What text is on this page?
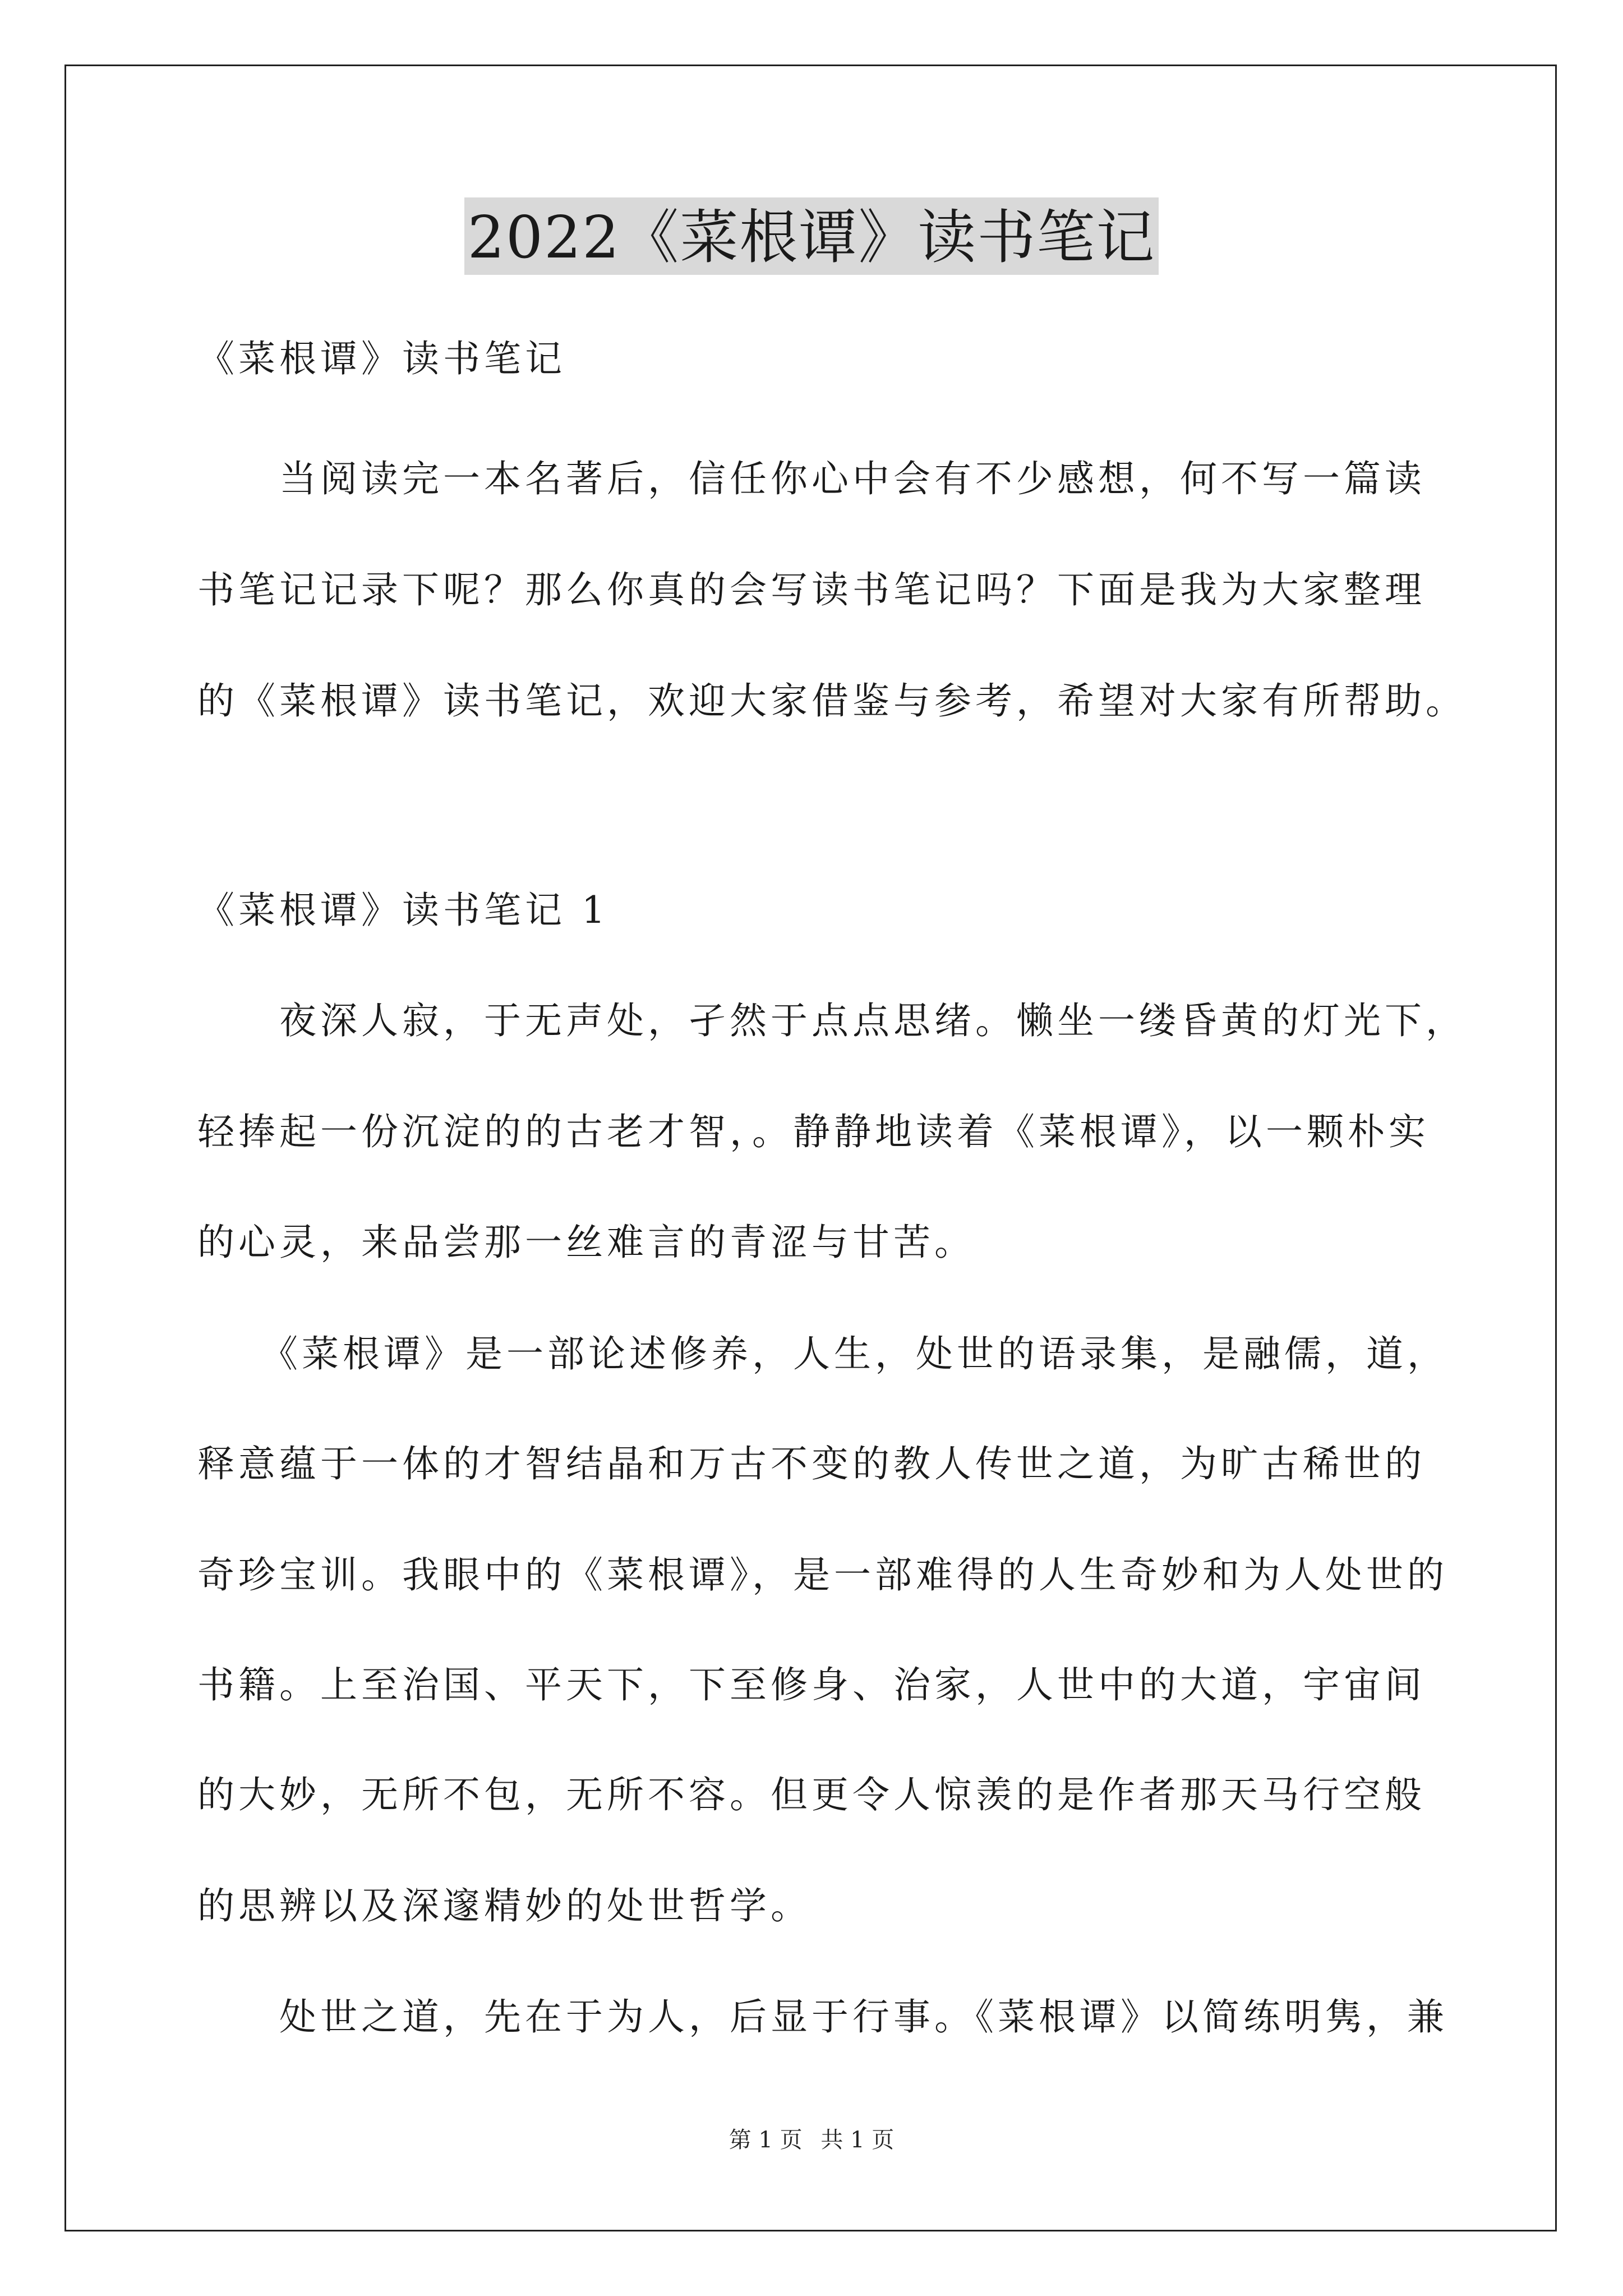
2022《菜根谭》读书笔记
《菜根谭》读书笔记
　　当阅读完一本名著后，信任你心中会有不少感想，何不写一篇读
书笔记记录下呢？那么你真的会写读书笔记吗？下面是我为大家整理
的《菜根谭》读书笔记，欢迎大家借鉴与参考，希望对大家有所帮助。
《菜根谭》读书笔记 1
　　夜深人寂，于无声处，孑然于点点思绪。懒坐一缕昏黄的灯光下，
轻捧起一份沉淀的的古老才智，。静静地读着《菜根谭》，以一颗朴实
的心灵，来品尝那一丝难言的青涩与甘苦。
　　《菜根谭》是一部论述修养，人生，处世的语录集，是融儒，道，
释意蕴于一体的才智结晶和万古不变的教人传世之道，为旷古稀世的
奇珍宝训。我眼中的《菜根谭》，是一部难得的人生奇妙和为人处世的
书籍。上至治国、平天下，下至修身、治家，人世中的大道，宇宙间
的大妙，无所不包，无所不容。但更令人惊羡的是作者那天马行空般
的思辨以及深邃精妙的处世哲学。
　　处世之道，先在于为人，后显于行事。《菜根谭》以简练明隽，兼
第 1 页 共 1 页
